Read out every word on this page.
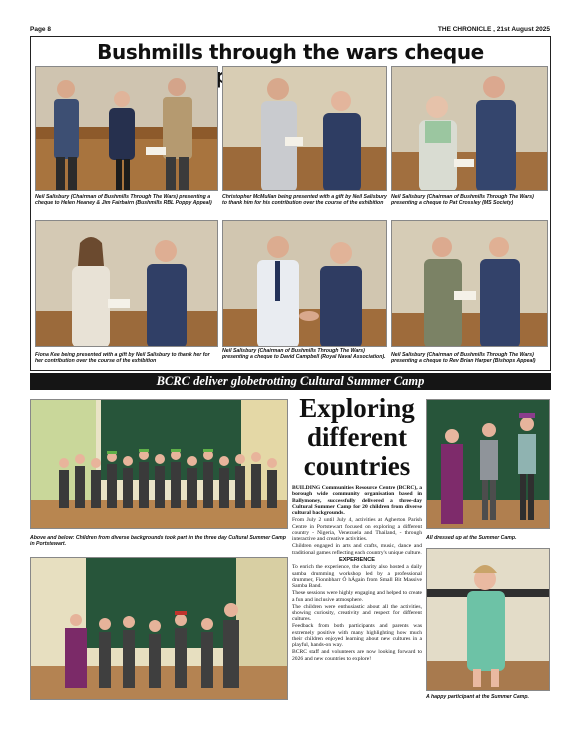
Page 8	THE CHRONICLE , 21st August 2025
Bushmills through the wars cheque
Neil Salisbury (Chairman of Bushmills Through The Wars) presenting a cheque to Helen Heaney & Jim Fairbairn (Bushmills RBL Poppy Appeal)
Christopher McMullan being presented with a gift by Neil Salisbury to thank him for his contribution over the course of the exhibition
Neil Salisbury (Chairman of Bushmills Through The Wars) presenting a cheque to Pat Crossley (MS Society)
Fiona Kee being presented with a gift by Neil Salisbury to thank her for her contribution over the course of the exhibition
Neil Salisbury (Chairman of Bushmills Through The Wars) presenting a cheque to David Campbell (Royal Naval Association). Neil Salisbury (Chairman of Bushmills Through The Wars) presenting a cheque to Rev Brian Harper (Bishops Appeal)
BCRC deliver globetrotting Cultural Summer Camp
Above and below: Children from diverse backgrounds took part in the three day Cultural Summer Camp in Portstewart.
Exploring different countries

BUILDING Communities Resource Centre (BCRC), a borough wide community organisation based in Ballymoney, successfully delivered a three-day Cultural Summer Camp for 20 children from diverse cultural backgrounds.

From July 2 until July 4, activities at Agherton Parish Centre in Portstewart focused on exploring a different country - Nigeria, Venezuela and Thailand, - through interactive and creative activities.

Children engaged in arts and crafts, music, dance and traditional games reflecting each country's unique culture.

EXPERIENCE

To enrich the experience, the charity also hosted a daily samba drumming workshop led by a professional drummer, Fionnbharr Ó hÁgain from Small Bit Massive Samba Band.

These sessions were highly engaging and helped to create a fun and inclusive atmosphere.

The children were enthusiastic about all the activities, showing curiosity, creativity and respect for different cultures.

Feedback from both participants and parents was extremely positive with many highlighting how much their children enjoyed learning about new cultures in a playful, hands-on way.

BCRC staff and volunteers are now looking forward to 2026 and new countries to explore!

All dressed up at the Summer Camp.
A happy participant at the Summer Camp.
